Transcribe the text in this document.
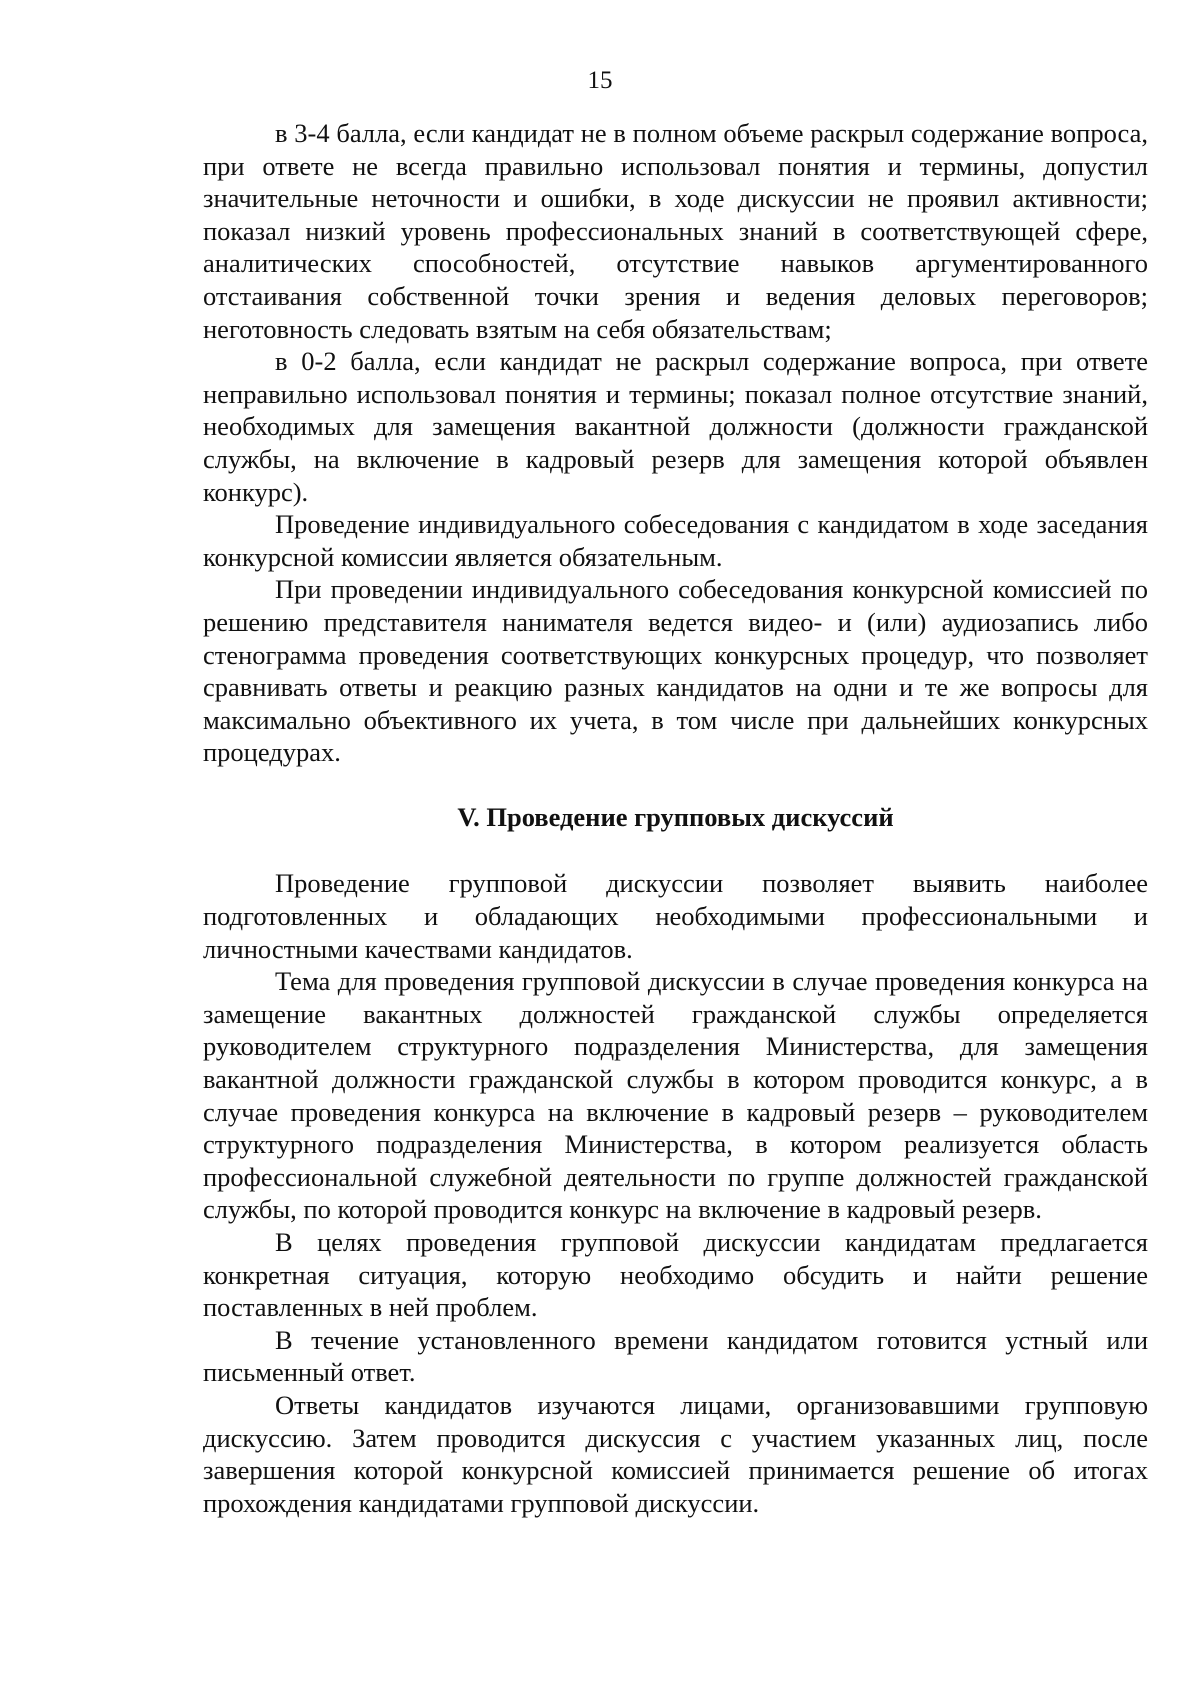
15

в 3-4 балла, если кандидат не в полном объеме раскрыл содержание вопроса, при ответе не всегда правильно использовал понятия и термины, допустил значительные неточности и ошибки, в ходе дискуссии не проявил активности; показал низкий уровень профессиональных знаний в соответствующей сфере, аналитических способностей, отсутствие навыков аргументированного отстаивания собственной точки зрения и ведения деловых переговоров; неготовность следовать взятым на себя обязательствам;

в 0-2 балла, если кандидат не раскрыл содержание вопроса, при ответе неправильно использовал понятия и термины; показал полное отсутствие знаний, необходимых для замещения вакантной должности (должности гражданской службы, на включение в кадровый резерв для замещения которой объявлен конкурс).

Проведение индивидуального собеседования с кандидатом в ходе заседания конкурсной комиссии является обязательным.

При проведении индивидуального собеседования конкурсной комиссией по решению представителя нанимателя ведется видео- и (или) аудиозапись либо стенограмма проведения соответствующих конкурсных процедур, что позволяет сравнивать ответы и реакцию разных кандидатов на одни и те же вопросы для максимально объективного их учета, в том числе при дальнейших конкурсных процедурах.

V. Проведение групповых дискуссий

Проведение групповой дискуссии позволяет выявить наиболее подготовленных и обладающих необходимыми профессиональными и личностными качествами кандидатов.

Тема для проведения групповой дискуссии в случае проведения конкурса на замещение вакантных должностей гражданской службы определяется руководителем структурного подразделения Министерства, для замещения вакантной должности гражданской службы в котором проводится конкурс, а в случае проведения конкурса на включение в кадровый резерв – руководителем структурного подразделения Министерства, в котором реализуется область профессиональной служебной деятельности по группе должностей гражданской службы, по которой проводится конкурс на включение в кадровый резерв.

В целях проведения групповой дискуссии кандидатам предлагается конкретная ситуация, которую необходимо обсудить и найти решение поставленных в ней проблем.

В течение установленного времени кандидатом готовится устный или письменный ответ.

Ответы кандидатов изучаются лицами, организовавшими групповую дискуссию. Затем проводится дискуссия с участием указанных лиц, после завершения которой конкурсной комиссией принимается решение об итогах прохождения кандидатами групповой дискуссии.
